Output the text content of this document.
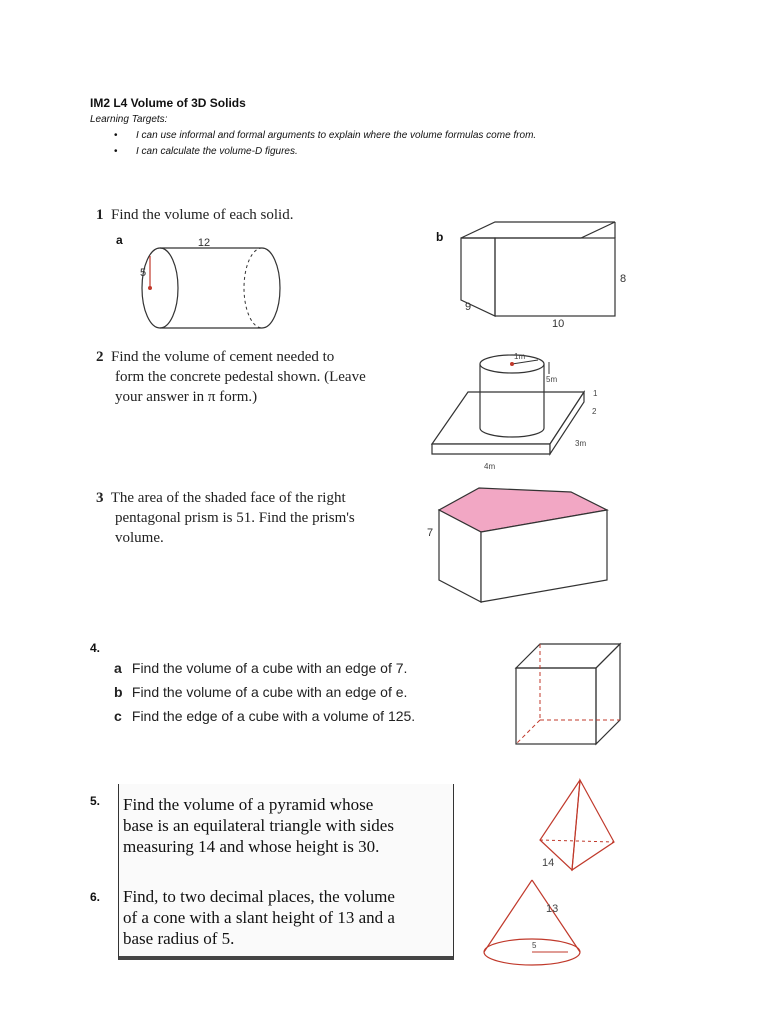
IM2 L4 Volume of 3D Solids
Learning Targets:
• I can use informal and formal arguments to explain where the volume formulas come from.
• I can calculate the volume-D figures.
1 Find the volume of each solid.
a	b
12
5	8
9
10
2 Find the volume of cement needed to
form the concrete pedestal shown. (Leave
your answer in π form.)
1m
5m
1
2
3m
4m
3 The area of the shaded face of the right
pentagonal prism is 51. Find the prism's
volume.	7
4.
a Find the volume of a cube with an edge of 7.
b Find the volume of a cube with an edge of e.
c Find the edge of a cube with a volume of 125.
5. Find the volume of a pyramid whose
base is an equilateral triangle with sides
measuring 14 and whose height is 30.
6. Find, to two decimal places, the volume
of a cone with a slant height of 13 and a
base radius of 5.
14
13
5
